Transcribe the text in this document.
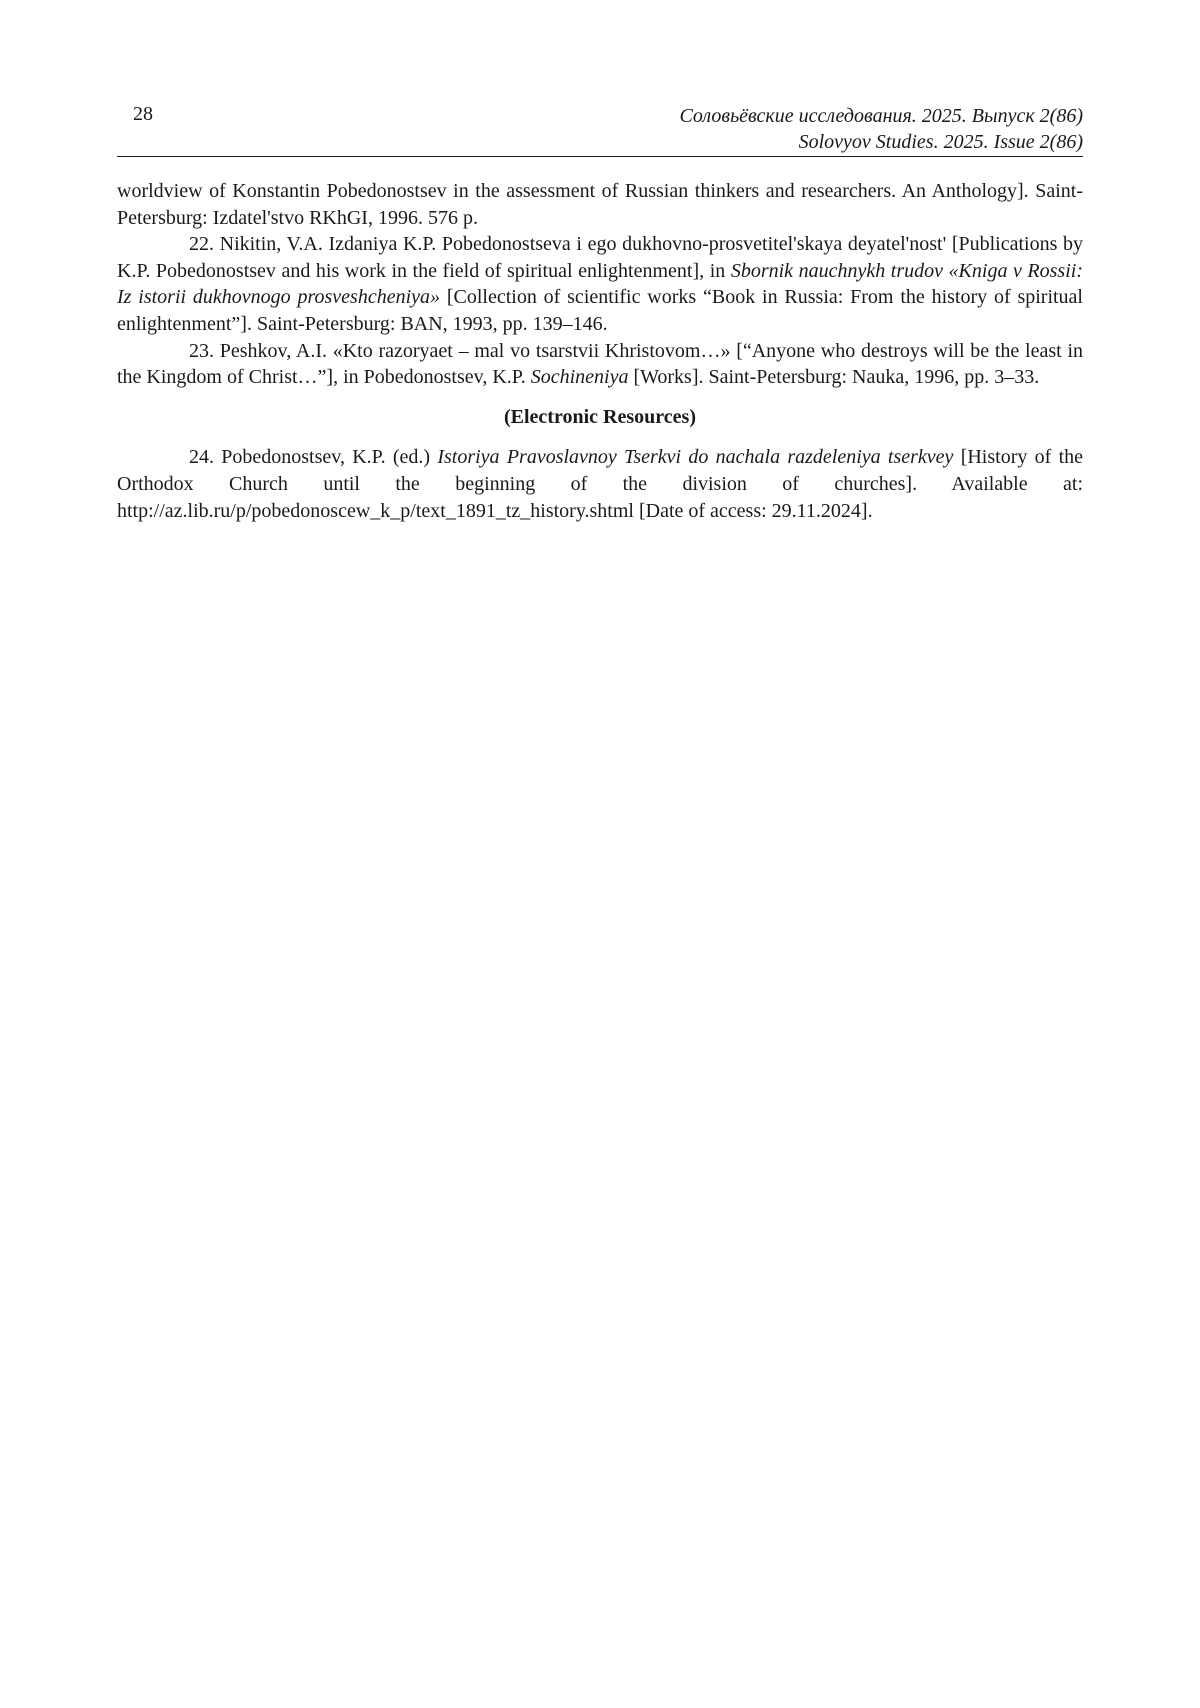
28	Соловьёвские исследования. 2025. Выпуск 2(86)
Solovyov Studies. 2025. Issue 2(86)

worldview of Konstantin Pobedonostsev in the assessment of Russian thinkers and researchers. An Anthology]. Saint-Petersburg: Izdatel'stvo RKhGI, 1996. 576 p.

22. Nikitin, V.A. Izdaniya K.P. Pobedonostseva i ego dukhovno-prosvetitel'skaya deyatel'nost' [Publications by K.P. Pobedonostsev and his work in the field of spiritual enlightenment], in Sbornik nauchnykh trudov «Kniga v Rossii: Iz istorii dukhovnogo prosveshcheniya» [Collection of scientific works “Book in Russia: From the history of spiritual enlightenment”]. Saint-Petersburg: BAN, 1993, pp. 139–146.

23. Peshkov, A.I. «Kto razoryaet – mal vo tsarstvii Khristovom…» [“Anyone who destroys will be the least in the Kingdom of Christ…”], in Pobedonostsev, K.P. Sochineniya [Works]. Saint-Petersburg: Nauka, 1996, pp. 3–33.

(Electronic Resources)

24. Pobedonostsev, K.P. (ed.) Istoriya Pravoslavnoy Tserkvi do nachala razdeleniya tserkvey [History of the Orthodox Church until the beginning of the division of churches]. Available at: http://az.lib.ru/p/pobedonoscew_k_p/text_1891_tz_history.shtml [Date of access: 29.11.2024].
